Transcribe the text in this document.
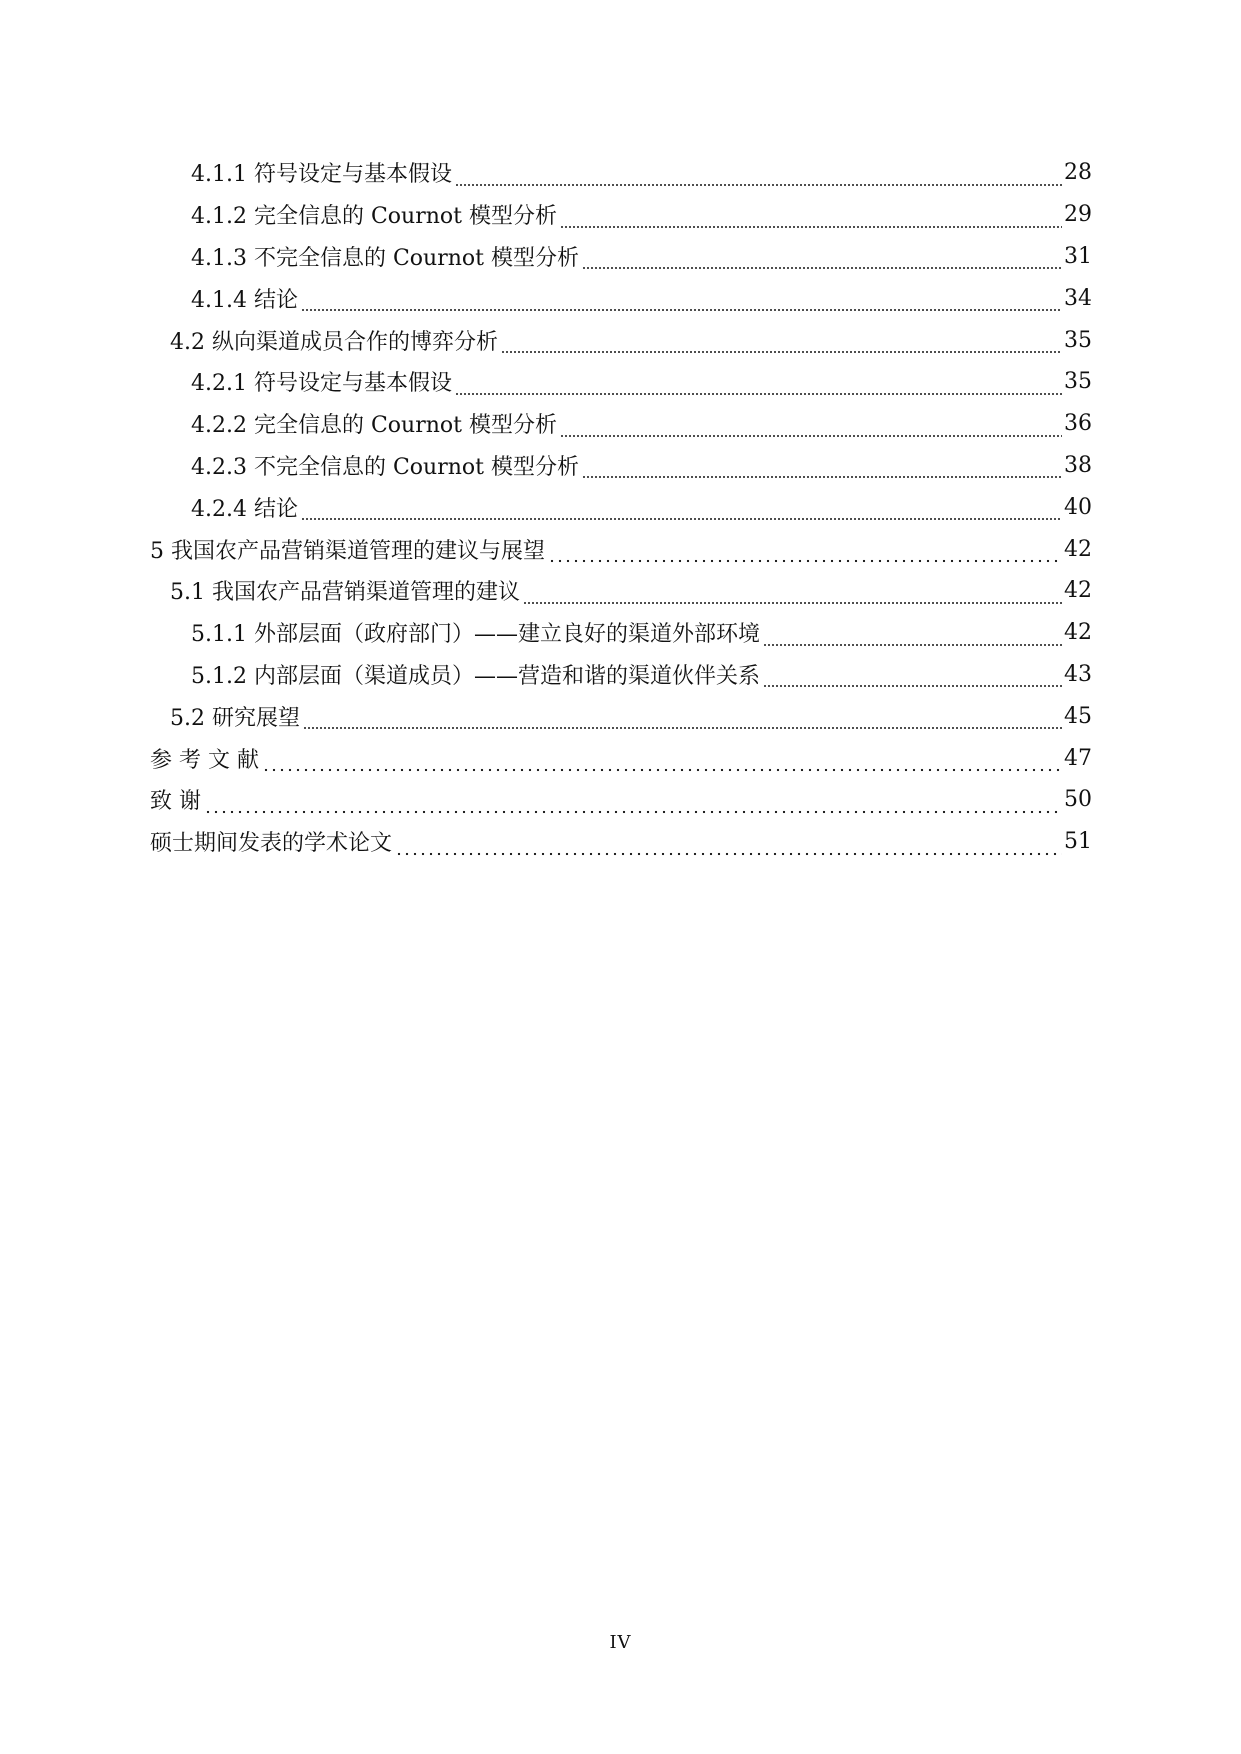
4.1.1 符号设定与基本假设	28
4.1.2 完全信息的 Cournot 模型分析	29
4.1.3 不完全信息的 Cournot 模型分析	31
4.1.4 结论	34
4.2 纵向渠道成员合作的博弈分析	35
4.2.1 符号设定与基本假设	35
4.2.2 完全信息的 Cournot 模型分析	36
4.2.3 不完全信息的 Cournot 模型分析	38
4.2.4 结论	40
5 我国农产品营销渠道管理的建议与展望	42
5.1 我国农产品营销渠道管理的建议	42
5.1.1 外部层面（政府部门）——建立良好的渠道外部环境	42
5.1.2 内部层面（渠道成员）——营造和谐的渠道伙伴关系	43
5.2 研究展望	45
参 考 文 献	47
致 谢	50
硕士期间发表的学术论文	51
IV
